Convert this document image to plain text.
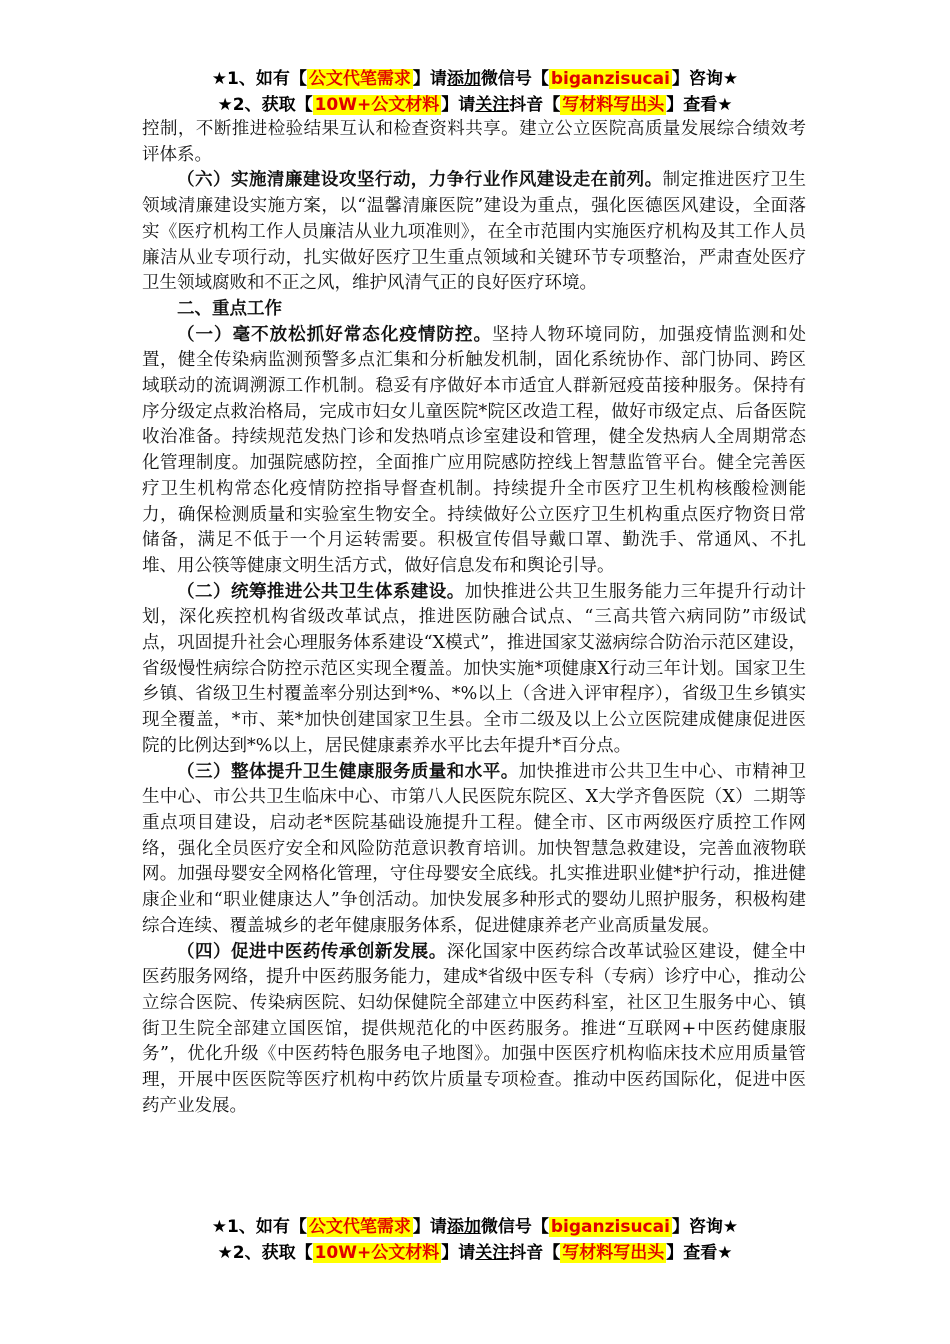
★1、如有【 公文代笔需求 】请添加微信号【 biganzisucai 】咨询★
★2、获取【 10W+公文材料 】请关注抖音【 写材料写出头 】查看★

控制，不断推进检验结果互认和检查资料共享。建立公立医院高质量发展综合绩效考评体系。

（六）实施清廉建设攻坚行动，力争行业作风建设走在前列。制定推进医疗卫生领域清廉建设实施方案，以“温馨清廉医院”建设为重点，强化医德医风建设，全面落实《医疗机构工作人员廉洁从业九项准则》，在全市范围内实施医疗机构及其工作人员廉洁从业专项行动，扎实做好医疗卫生重点领域和关键环节专项整治，严肃查处医疗卫生领域腐败和不正之风，维护风清气正的良好医疗环境。

二、重点工作

（一）毫不放松抓好常态化疫情防控。坚持人物环境同防，加强疫情监测和处置，健全传染病监测预警多点汇集和分析触发机制，固化系统协作、部门协同、跨区域联动的流调溯源工作机制。稳妥有序做好本市适宜人群新冠疫苗接种服务。保持有序分级定点救治格局，完成市妇女儿童医院*院区改造工程，做好市级定点、后备医院收治准备。持续规范发热门诊和发热哨点诊室建设和管理，健全发热病人全周期常态化管理制度。加强院感防控，全面推广应用院感防控线上智慧监管平台。健全完善医疗卫生机构常态化疫情防控指导督查机制。持续提升全市医疗卫生机构核酸检测能力，确保检测质量和实验室生物安全。持续做好公立医疗卫生机构重点医疗物资日常储备，满足不低于一个月运转需要。积极宣传倡导戴口罩、勤洗手、常通风、不扎堆、用公筷等健康文明生活方式，做好信息发布和舆论引导。

（二）统筹推进公共卫生体系建设。加快推进公共卫生服务能力三年提升行动计划，深化疾控机构省级改革试点，推进医防融合试点、“三高共管六病同防”市级试点，巩固提升社会心理服务体系建设“X模式”，推进国家艾滋病综合防治示范区建设，省级慢性病综合防控示范区实现全覆盖。加快实施*项健康X行动三年计划。国家卫生乡镇、省级卫生村覆盖率分别达到*%、*%以上（含进入评审程序），省级卫生乡镇实现全覆盖，*市、莱*加快创建国家卫生县。全市二级及以上公立医院建成健康促进医院的比例达到*%以上，居民健康素养水平比去年提升*百分点。

（三）整体提升卫生健康服务质量和水平。加快推进市公共卫生中心、市精神卫生中心、市公共卫生临床中心、市第八人民医院东院区、X大学齐鲁医院（X）二期等重点项目建设，启动老*医院基础设施提升工程。健全市、区市两级医疗质控工作网络，强化全员医疗安全和风险防范意识教育培训。加快智慧急救建设，完善血液物联网。加强母婴安全网格化管理，守住母婴安全底线。扎实推进职业健*护行动，推进健康企业和“职业健康达人”争创活动。加快发展多种形式的婴幼儿照护服务，积极构建综合连续、覆盖城乡的老年健康服务体系，促进健康养老产业高质量发展。

（四）促进中医药传承创新发展。深化国家中医药综合改革试验区建设，健全中医药服务网络，提升中医药服务能力，建成*省级中医专科（专病）诊疗中心，推动公立综合医院、传染病医院、妇幼保健院全部建立中医药科室，社区卫生服务中心、镇街卫生院全部建立国医馆，提供规范化的中医药服务。推进“互联网+中医药健康服务”，优化升级《中医药特色服务电子地图》。加强中医医疗机构临床技术应用质量管理，开展中医医院等医疗机构中药饮片质量专项检查。推动中医药国际化，促进中医药产业发展。

★1、如有【 公文代笔需求 】请添加微信号【 biganzisucai 】咨询★
★2、获取【 10W+公文材料 】请关注抖音【 写材料写出头 】查看★
